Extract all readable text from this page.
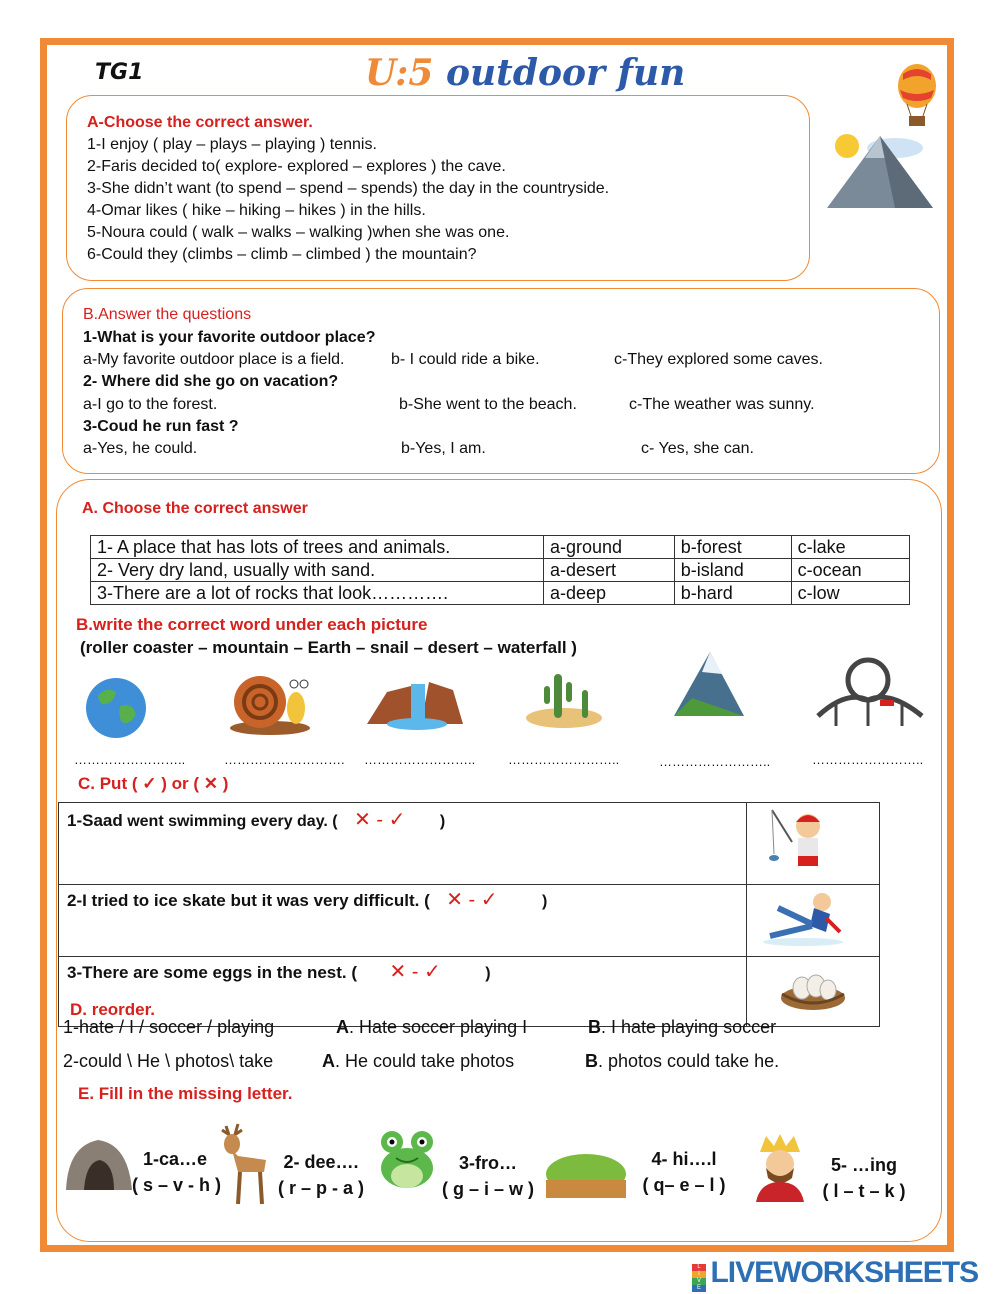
TG1	U:5 outdoor fun
A-Choose the correct answer.
1-I enjoy ( play – plays – playing ) tennis.
2-Faris decided to( explore- explored – explores ) the cave.
3-She didn’t want (to spend – spend – spends) the day in the countryside.
4-Omar likes ( hike – hiking – hikes ) in the hills.
5-Noura could ( walk – walks – walking )when she was one.
6-Could they (climbs – climb – climbed ) the mountain?
B.Answer the questions
1-What is your favorite outdoor place?
a-My favorite outdoor place is a field.	b- I could ride a bike.	c-They explored some caves.
2- Where did she go on vacation?
a-I go to the forest.	b-She went to the beach.	c-The weather was sunny.
3-Coud he run fast ?
a-Yes, he could.	b-Yes, I am.	c- Yes, she can.
A. Choose the correct answer
1- A place that has lots of trees and animals.	a-ground	b-forest	c-lake
2- Very dry land, usually with sand.	a-desert	b-island	c-ocean
3-There are a lot of rocks that look………….	a-deep	b-hard	c-low
B.write the correct word under each picture
(roller coaster – mountain – Earth – snail – desert – waterfall )
……………………..	………………………. ……………………..	……………………..	……………………..	……………………..
C. Put ( ✓ ) or ( ✕ )
1-Saad went swimming every day. ( ✕ - ✓ )	
2-I tried to ice skate but it was very difficult. ( ✕ - ✓ )	
3-There are some eggs in the nest. ( ✕ - ✓ )	
D. reorder.
1-hate / I / soccer / playing	A. Hate soccer playing I	B. I hate playing soccer
2-could \ He \ photos\ take	A. He could take photos	B. photos could take he.
E. Fill in the missing letter.
1-ca…e
( s – v - h )
2- dee….
( r – p - a )
3-fro…
( g – i – w )
4- hi….l
( q– e – l )
5- …ing
( l – t – k )
L
I
V
E LIVEWORKSHEETS
